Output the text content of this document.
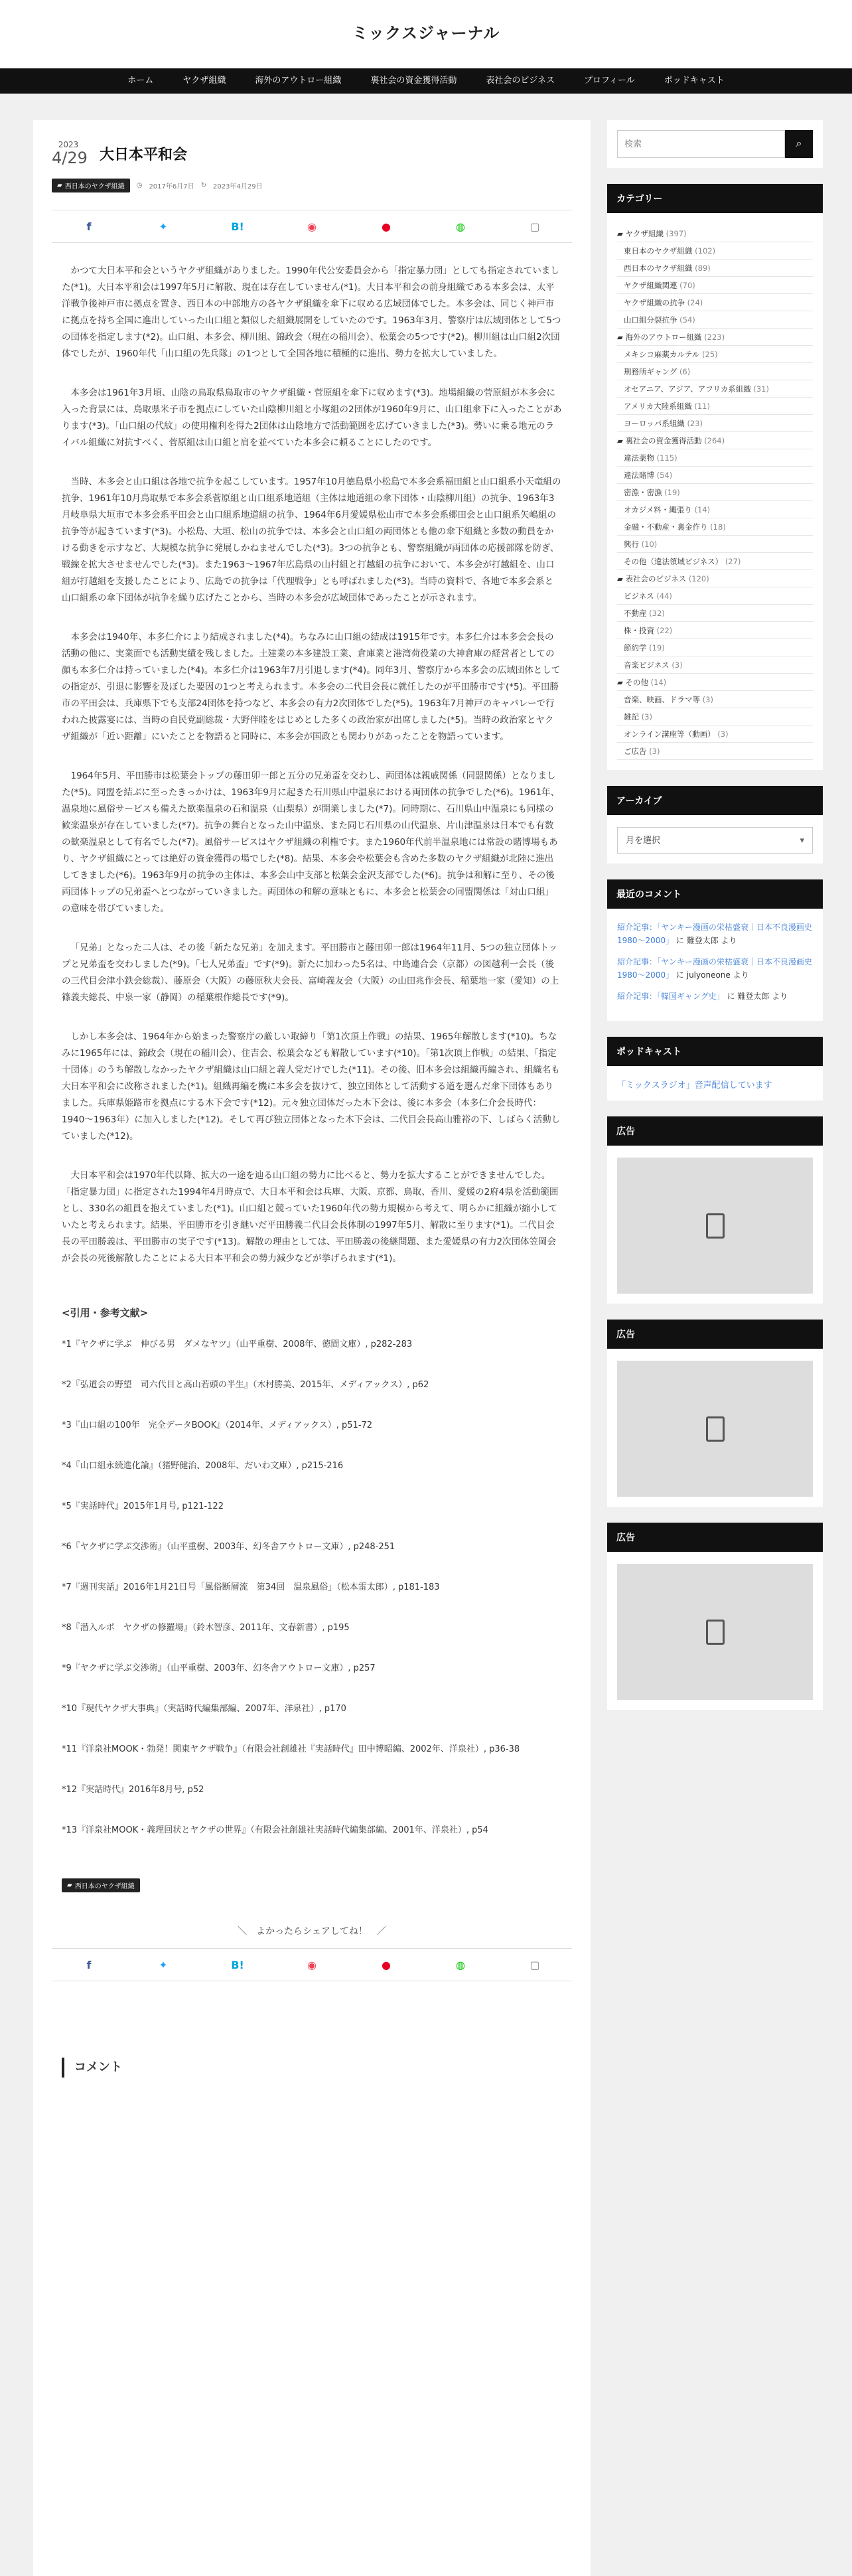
ミックスジャーナル
ホーム	ヤクザ組織	海外のアウトロー組織	裏社会の資金獲得活動	表社会のビジネス	プロフィール	ポッドキャスト
2023
4/29 大日本平和会
▰ 西日本のヤクザ組織 ◷ 2017年6月7日 ↻ 2023年4月29日
f	✦	B!	◉	●	◍	▢

かつて大日本平和会というヤクザ組織がありました。1990年代公安委員会から「指定暴力団」としても指定されていました(*1)。大日本平和会は1997年5月に解散、現在は存在していません(*1)。大日本平和会の前身組織である本多会は、太平洋戦争後神戸市に拠点を置き、西日本の中部地方の各ヤクザ組織を傘下に収める広域団体でした。本多会は、同じく神戸市に拠点を持ち全国に進出していった山口組と類似した組織展開をしていたのです。1963年3月、警察庁は広域団体として5つの団体を指定します(*2)。山口組、本多会、柳川組、錦政会（現在の稲川会）、松葉会の5つです(*2)。柳川組は山口組2次団体でしたが、1960年代「山口組の先兵隊」の1つとして全国各地に積極的に進出、勢力を拡大していました。

本多会は1961年3月頃、山陰の鳥取県鳥取市のヤクザ組織・菅原組を傘下に収めます(*3)。地場組織の菅原組が本多会に入った背景には、鳥取県米子市を拠点にしていた山陰柳川組と小塚組の2団体が1960年9月に、山口組傘下に入ったことがあります(*3)。「山口組の代紋」の使用権利を得た2団体は山陰地方で活動範囲を広げていきました(*3)。勢いに乗る地元のライバル組織に対抗すべく、菅原組は山口組と肩を並べていた本多会に頼ることにしたのです。

当時、本多会と山口組は各地で抗争を起こしています。1957年10月徳島県小松島で本多会系福田組と山口組系小天竜組の抗争、1961年10月鳥取県で本多会系菅原組と山口組系地道組（主体は地道組の傘下団体・山陰柳川組）の抗争、1963年3月岐阜県大垣市で本多会系平田会と山口組系地道組の抗争、1964年6月愛媛県松山市で本多会系郷田会と山口組系矢嶋組の抗争等が起きています(*3)。小松島、大垣、松山の抗争では、本多会と山口組の両団体とも他の傘下組織と多数の動員をかける動きを示すなど、大規模な抗争に発展しかねませんでした(*3)。3つの抗争とも、警察組織が両団体の応援部隊を防ぎ、戦線を拡大させませんでした(*3)。また1963〜1967年広島県の山村組と打越組の抗争において、本多会が打越組を、山口組が打越組を支援したことにより、広島での抗争は「代理戦争」とも呼ばれました(*3)。当時の資料で、各地で本多会系と山口組系の傘下団体が抗争を繰り広げたことから、当時の本多会が広域団体であったことが示されます。

本多会は1940年、本多仁介により結成されました(*4)。ちなみに山口組の結成は1915年です。本多仁介は本多会会長の活動の他に、実業面でも活動実績を残しました。土建業の本多建設工業、倉庫業と港湾荷役業の大神倉庫の経営者としての顔も本多仁介は持っていました(*4)。本多仁介は1963年7月引退します(*4)。同年3月、警察庁から本多会の広域団体としての指定が、引退に影響を及ぼした要因の1つと考えられます。本多会の二代目会長に就任したのが平田勝市です(*5)。平田勝市の平田会は、兵庫県下でも支部24団体を持つなど、本多会の有力2次団体でした(*5)。1963年7月神戸のキャバレーで行われた披露宴には、当時の自民党副総裁・大野伴睦をはじめとした多くの政治家が出席しました(*5)。当時の政治家とヤクザ組織が「近い距離」にいたことを物語ると同時に、本多会が国政とも関わりがあったことを物語っています。

1964年5月、平田勝市は松葉会トップの藤田卯一郎と五分の兄弟盃を交わし、両団体は親戚関係（同盟関係）となりました(*5)。同盟を結ぶに至ったきっかけは、1963年9月に起きた石川県山中温泉における両団体の抗争でした(*6)。1961年、温泉地に風俗サービスも備えた歓楽温泉の石和温泉（山梨県）が開業しました(*7)。同時期に、石川県山中温泉にも同様の歓楽温泉が存在していました(*7)。抗争の舞台となった山中温泉、また同じ石川県の山代温泉、片山津温泉は日本でも有数の歓楽温泉として有名でした(*7)。風俗サービスはヤクザ組織の利権です。また1960年代前半温泉地には常設の賭博場もあり、ヤクザ組織にとっては絶好の資金獲得の場でした(*8)。結果、本多会や松葉会も含めた多数のヤクザ組織が北陸に進出してきました(*6)。1963年9月の抗争の主体は、本多会山中支部と松葉会金沢支部でした(*6)。抗争は和解に至り、その後両団体トップの兄弟盃へとつながっていきました。両団体の和解の意味ともに、本多会と松葉会の同盟関係は「対山口組」の意味を帯びていました。

「兄弟」となった二人は、その後「新たな兄弟」を加えます。平田勝市と藤田卯一郎は1964年11月、5つの独立団体トップと兄弟盃を交わしました(*9)。「七人兄弟盃」です(*9)。新たに加わった5名は、中島連合会（京都）の図越利一会長（後の三代目会津小鉄会総裁）、藤原会（大阪）の藤原秋夫会長、富崎義友会（大阪）の山田兆作会長、稲葉地一家（愛知）の上篠義夫総長、中泉一家（静岡）の稲葉根作総長です(*9)。

しかし本多会は、1964年から始まった警察庁の厳しい取締り「第1次頂上作戦」の結果、1965年解散します(*10)。ちなみに1965年には、錦政会（現在の稲川会）、住吉会、松葉会なども解散しています(*10)。「第1次頂上作戦」の結果、「指定十団体」のうち解散しなかったヤクザ組織は山口組と義人党だけでした(*11)。その後、旧本多会は組織再編され、組織名も大日本平和会に改称されました(*1)。組織再編を機に本多会を抜けて、独立団体として活動する道を選んだ傘下団体もありました。兵庫県姫路市を拠点にする木下会です(*12)。元々独立団体だった木下会は、後に本多会（本多仁介会長時代：1940〜1963年）に加入しました(*12)。そして再び独立団体となった木下会は、二代目会長高山雅裕の下、しばらく活動していました(*12)。

大日本平和会は1970年代以降、拡大の一途を辿る山口組の勢力に比べると、勢力を拡大することができませんでした。「指定暴力団」に指定された1994年4月時点で、大日本平和会は兵庫、大阪、京都、鳥取、香川、愛媛の2府4県を活動範囲とし、330名の組員を抱えていました(*1)。山口組と競っていた1960年代の勢力規模から考えて、明らかに組織が縮小していたと考えられます。結果、平田勝市を引き継いだ平田勝義二代目会長体制の1997年5月、解散に至ります(*1)。二代目会長の平田勝義は、平田勝市の実子です(*13)。解散の理由としては、平田勝義の後継問題、また愛媛県の有力2次団体笠岡会が会長の死後解散したことによる大日本平和会の勢力減少などが挙げられます(*1)。

<引用・参考文献>
*1『ヤクザに学ぶ　伸びる男　ダメなヤツ』（山平重樹、2008年、徳間文庫）, p282-283
*2『弘道会の野望　司六代目と高山若頭の半生』（木村勝美、2015年、メディアックス）, p62
*3『山口組の100年　完全データBOOK』（2014年、メディアックス）, p51-72
*4『山口組永続進化論』（猪野健治、2008年、だいわ文庫）, p215-216
*5『実話時代』2015年1月号, p121-122
*6『ヤクザに学ぶ交渉術』（山平重樹、2003年、幻冬舎アウトロー文庫）, p248-251
*7『週刊実話』2016年1月21日号「風俗断層流　第34回　温泉風俗」（松本雷太郎）, p181-183
*8『潜入ルポ　ヤクザの修羅場』（鈴木智彦、2011年、文春新書）, p195
*9『ヤクザに学ぶ交渉術』（山平重樹、2003年、幻冬舎アウトロー文庫）, p257
*10『現代ヤクザ大事典』（実話時代編集部編、2007年、洋泉社）, p170
*11『洋泉社MOOK・勃発！関東ヤクザ戦争』（有限会社創雄社『実話時代』田中博昭編、2002年、洋泉社）, p36-38
*12『実話時代』2016年8月号, p52
*13『洋泉社MOOK・義理回状とヤクザの世界』（有限会社創雄社実話時代編集部編、2001年、洋泉社）, p54
▰ 西日本のヤクザ組織
＼　よかったらシェアしてね！　／
f	✦	B!	◉	●	◍	▢
コメント
検索
⌕
カテゴリー
▰ ヤクザ組織 (397)
東日本のヤクザ組織 (102)
西日本のヤクザ組織 (89)
ヤクザ組織関連 (70)
ヤクザ組織の抗争 (24)
山口組分裂抗争 (54)
▰ 海外のアウトロー組織 (223)
メキシコ麻薬カルテル (25)
刑務所ギャング (6)
オセアニア、アジア、アフリカ系組織 (31)
アメリカ大陸系組織 (11)
ヨーロッパ系組織 (23)
▰ 裏社会の資金獲得活動 (264)
違法薬物 (115)
違法賭博 (54)
密漁・密漁 (19)
オカジメ料・縄張り (14)
金融・不動産・裏金作り (18)
興行 (10)
その他（違法領域ビジネス） (27)
▰ 表社会のビジネス (120)
ビジネス (44)
不動産 (32)
株・投資 (22)
節約学 (19)
音楽ビジネス (3)
▰ その他 (14)
音楽、映画、ドラマ等 (3)
雑記 (3)
オンライン講座等（動画） (3)
ご広告 (3)
アーカイブ
月を選択 ▾
最近のコメント

紹介記事：「ヤンキー漫画の栄枯盛衰｜日本不良漫画史1980～2000」 に 難登太郎 より

紹介記事：「ヤンキー漫画の栄枯盛衰｜日本不良漫画史1980～2000」 に julyoneone より

紹介記事：「韓国ギャング史」 に 難登太郎 より

ポッドキャスト
「ミックスラジオ」音声配信しています
広告
広告
広告
